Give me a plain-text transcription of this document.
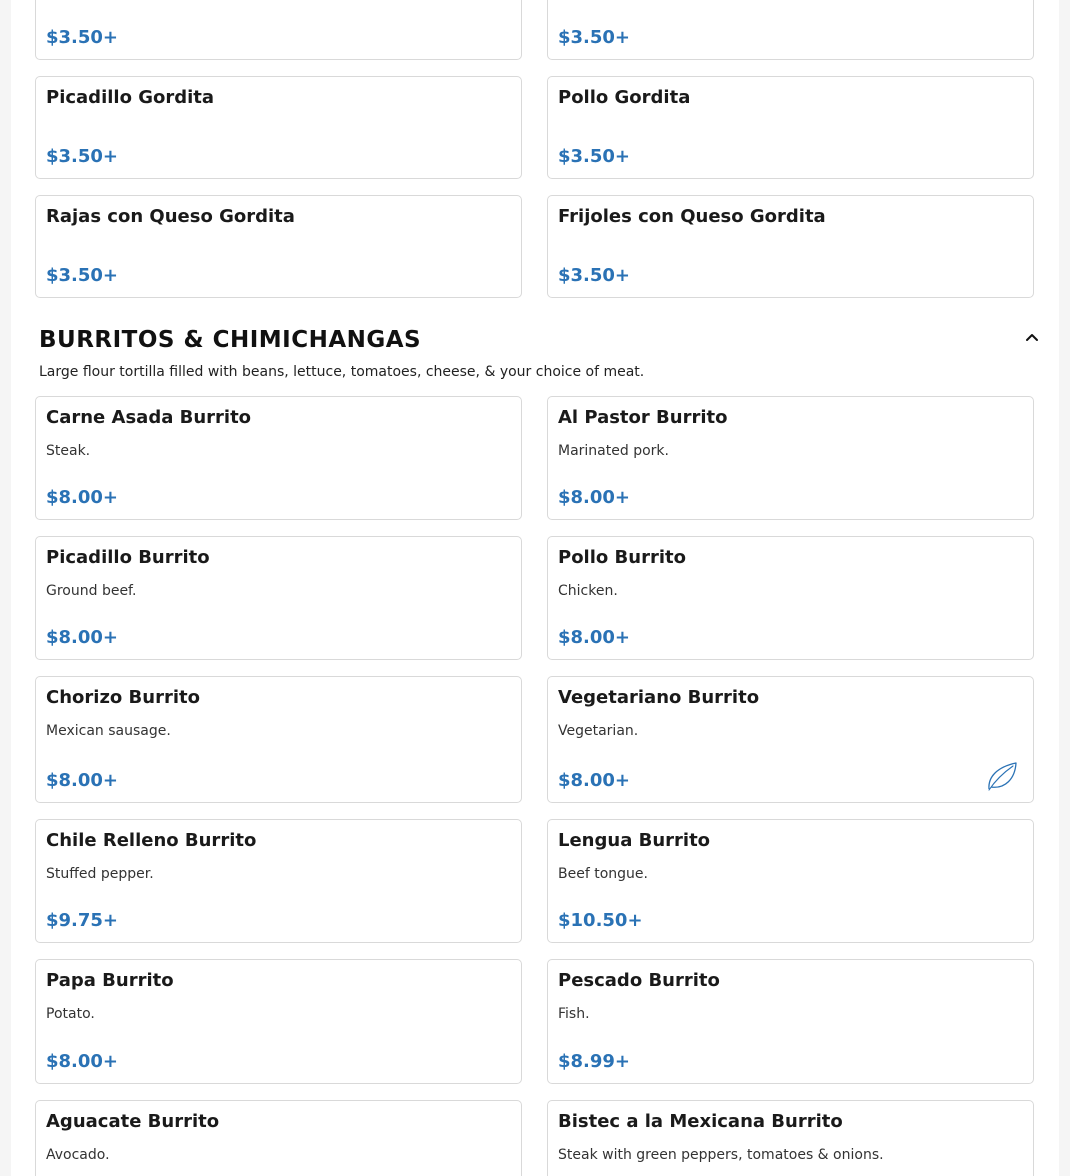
$3.50+	$3.50+
Picadillo Gordita
$3.50+
Pollo Gordita
$3.50+
Rajas con Queso Gordita
$3.50+
Frijoles con Queso Gordita
$3.50+
BURRITOS & CHIMICHANGAS
Large flour tortilla filled with beans, lettuce, tomatoes, cheese, & your choice of meat.
Carne Asada Burrito
Steak.
$8.00+
Al Pastor Burrito
Marinated pork.
$8.00+
Picadillo Burrito
Ground beef.
$8.00+
Pollo Burrito
Chicken.
$8.00+
Chorizo Burrito
Mexican sausage.
$8.00+
Vegetariano Burrito
Vegetarian.
$8.00+
Chile Relleno Burrito
Stuffed pepper.
$9.75+
Lengua Burrito
Beef tongue.
$10.50+
Papa Burrito
Potato.
$8.00+
Pescado Burrito
Fish.
$8.99+
Aguacate Burrito
Avocado.
Bistec a la Mexicana Burrito
Steak with green peppers, tomatoes & onions.
